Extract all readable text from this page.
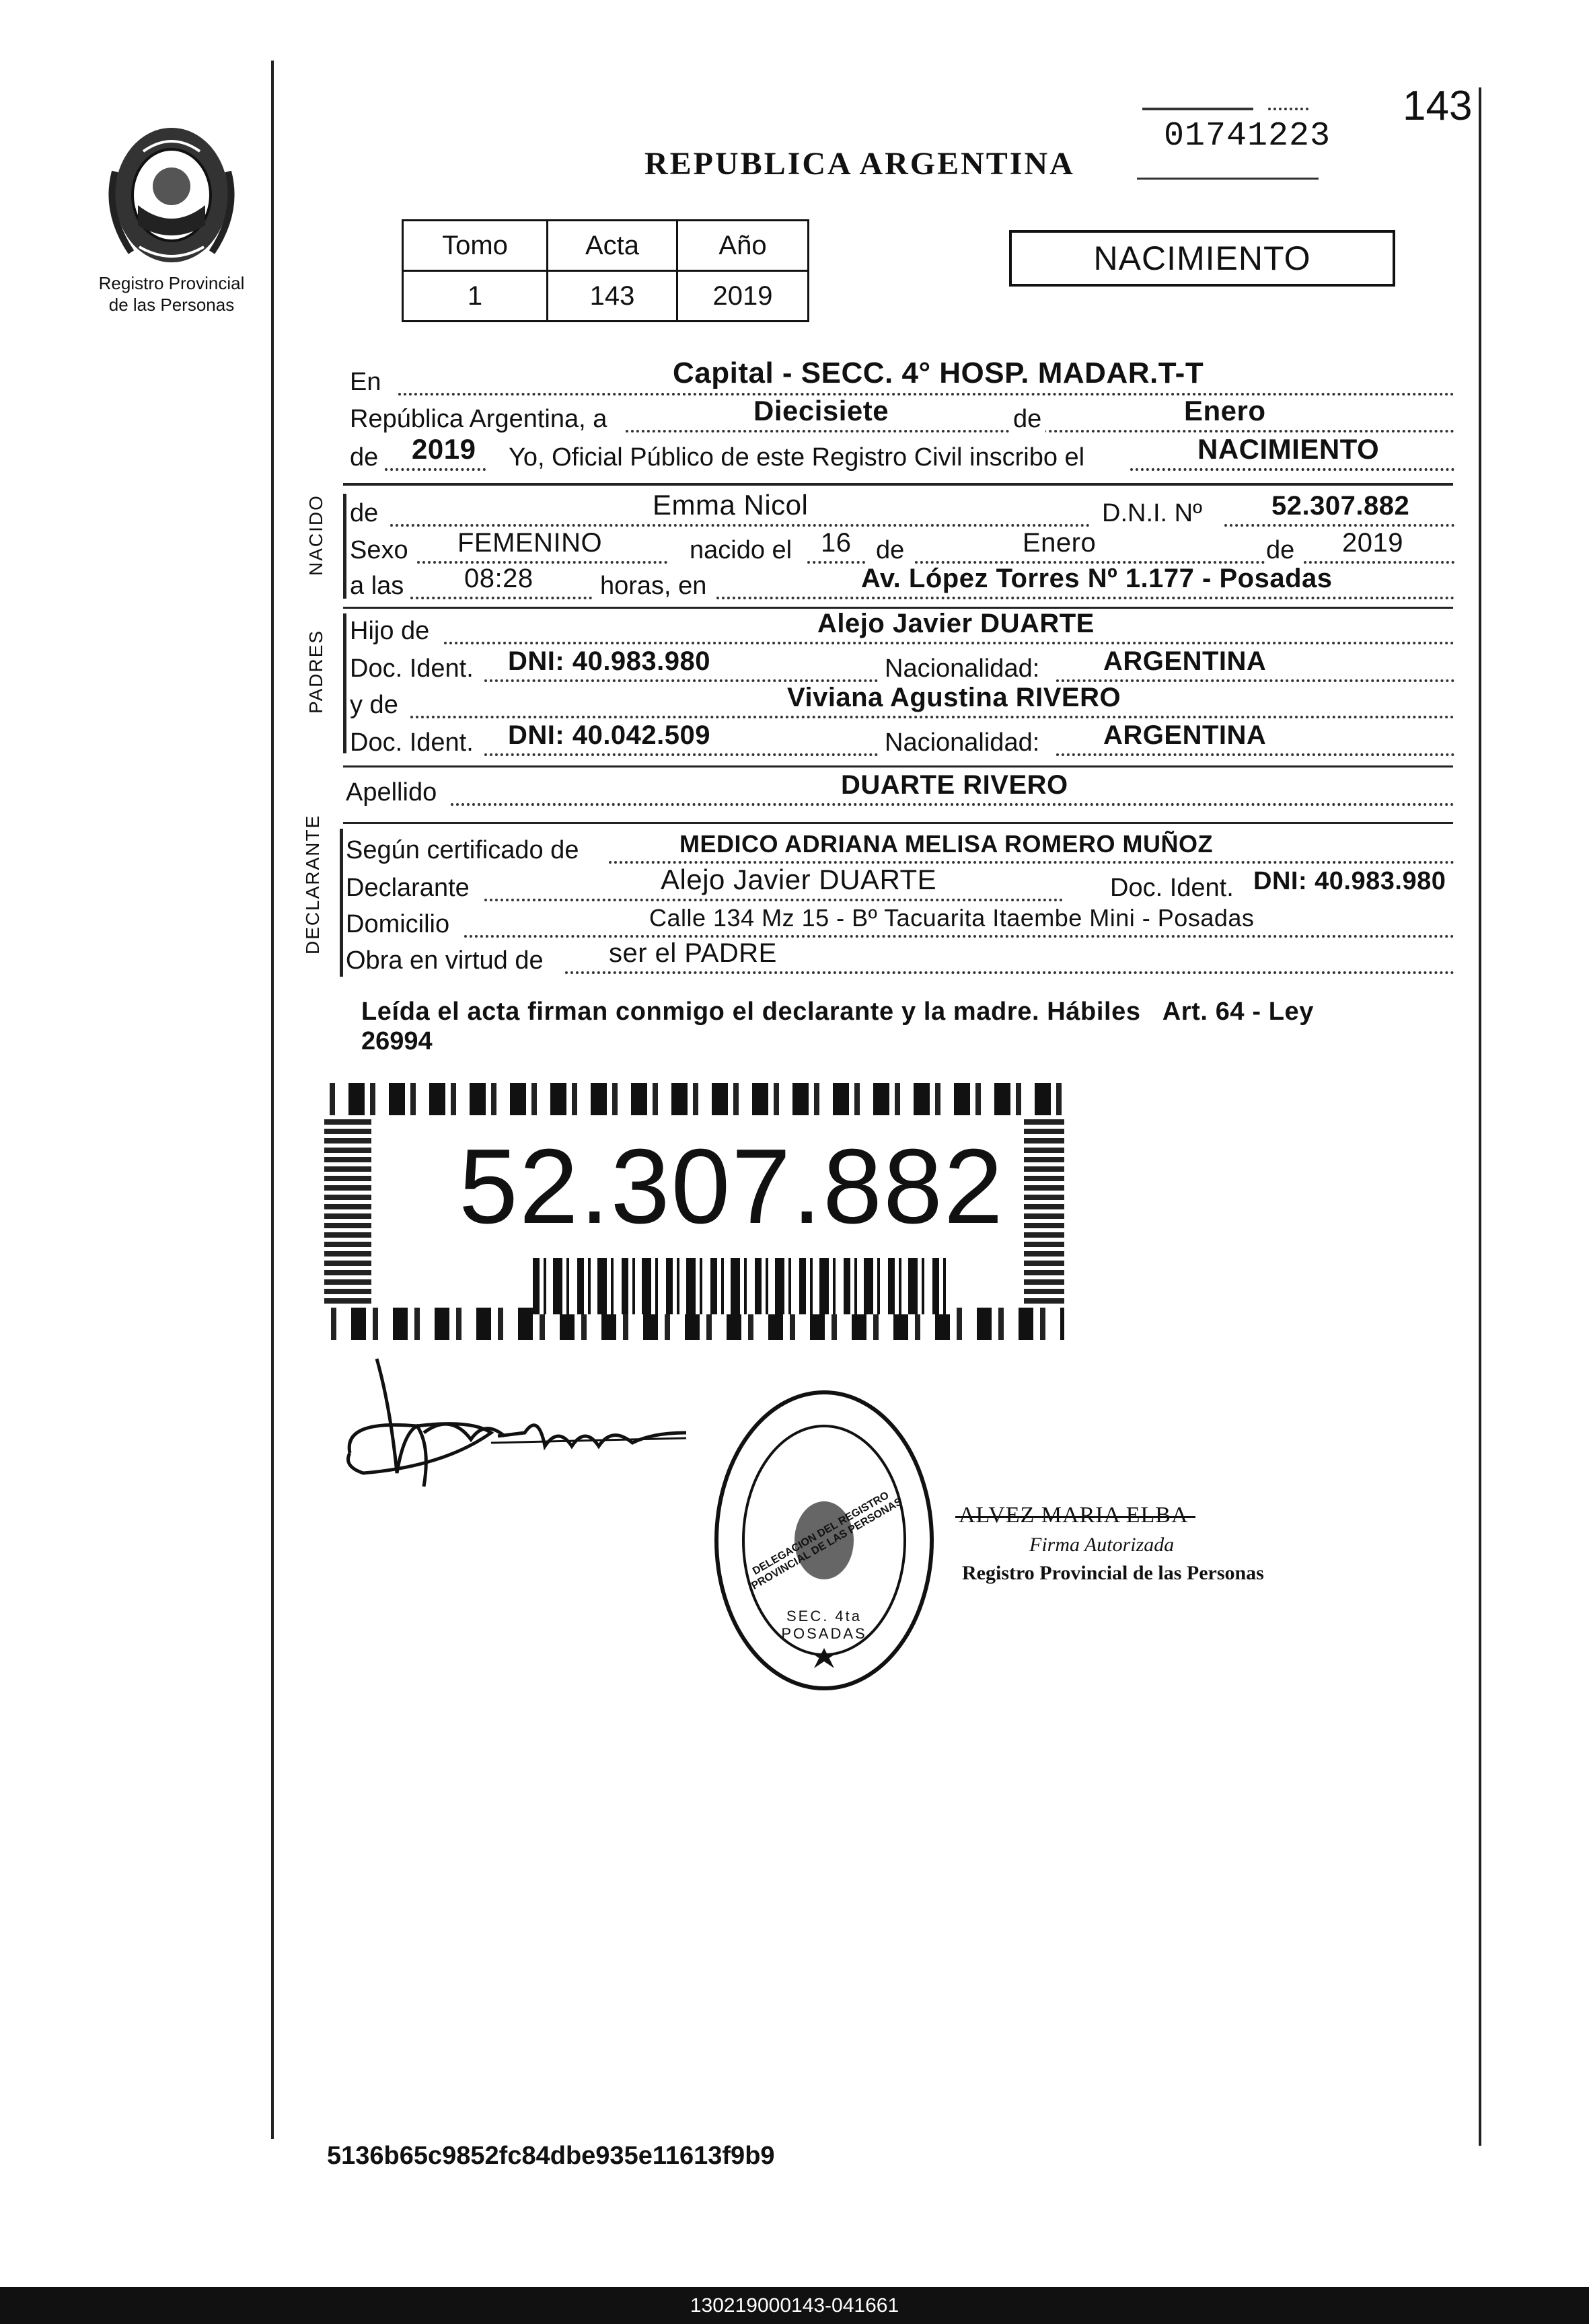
143
01741223
Registro Provincial
de las Personas
REPUBLICA ARGENTINA
Tomo	Acta	Año
1	143	2019
NACIMIENTO
En	Capital - SECC. 4° HOSP. MADAR.T-T
República Argentina, a	Diecisiete	de	Enero
de 2019 Yo, Oficial Público de este Registro Civil inscribo el	NACIMIENTO
NACIDO de	Emma Nicol	D.N.I. Nº	52.307.882
Sexo FEMENINO	nacido el 16 de	Enero	de 2019
a las 08:28	horas, en	Av. López Torres Nº 1.177 - Posadas
PADRES Hijo de	Alejo Javier DUARTE
Doc. Ident. DNI: 40.983.980	Nacionalidad: ARGENTINA
y de	Viviana Agustina RIVERO
Doc. Ident. DNI: 40.042.509	Nacionalidad: ARGENTINA
Apellido	DUARTE RIVERO
DECLARANTE Según certificado de	MEDICO ADRIANA MELISA ROMERO MUÑOZ
Declarante	Alejo Javier DUARTE	Doc. Ident. DNI: 40.983.980
Domicilio	Calle 134 Mz 15 - Bº Tacuarita Itaembe Mini - Posadas
Obra en virtud de ser el PADRE
Leída el acta firman conmigo el declarante y la madre. Hábiles   Art. 64 - Ley
26994
52.307.882
DELEGACION DEL REGISTRO PROVINCIAL DE LAS PERSONAS
SEC. 4ta POSADAS
ALVEZ MARIA ELBA
Firma Autorizada
Registro Provincial de las Personas
5136b65c9852fc84dbe935e11613f9b9
130219000143-041661
